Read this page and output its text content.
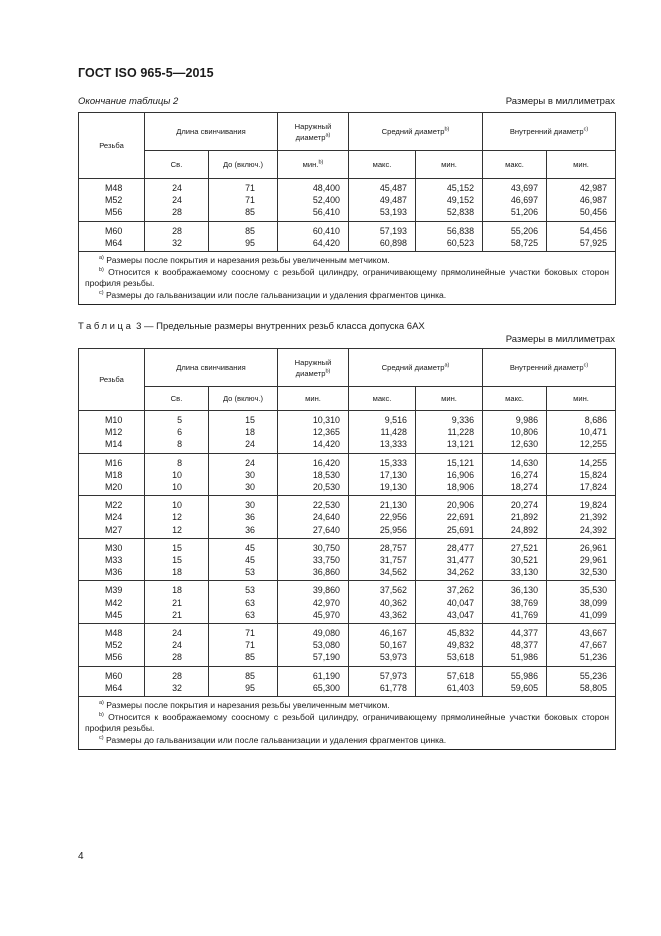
ГОСТ ISO 965-5—2015
Окончание таблицы 2	Размеры в миллиметрах
Резьба	Длина свинчивания		Наружный
диаметр$^{а)}$	Средний диаметр$^{b)}$		Внутренний диаметр$^{c)}$
	Св.	До (включ.)	мин.$^{b)}$	макс.	мин.	макс.	мин.
M48	24	71	48,400	45,487	45,152	43,697	42,987
M52	24	71	52,400	49,487	49,152	46,697	46,987
M56	28	85	56,410	53,193	52,838	51,206	50,456
M60	28	85	60,410	57,193	56,838	55,206	54,456
M64	32	95	64,420	60,898	60,523	58,725	57,925

$^{а)}$ Размеры после покрытия и нарезания резьбы увеличенным метчиком.
$^{b)}$ Относится к воображаемому соосному с резьбой цилиндру, ограничивающему прямолинейные участки боковых сторон профиля резьбы.
$^{c)}$ Размеры до гальванизации или после гальванизации и удаления фрагментов цинка.							
Таблица 3 — Предельные размеры внутренних резьб класса допуска 6АХ
Размеры в миллиметрах
Резьба	Длина свинчивания		Наружный
диаметр$^{b)}$	Средний диаметр$^{а)}$		Внутренний диаметр$^{c)}$
	Св.	До (включ.)	мин.	макс.	мин.	макс.	мин.
M10	5	15	10,310	9,516	9,336	9,986	8,686
M12	6	18	12,365	11,428	11,228	10,806	10,471
M14	8	24	14,420	13,333	13,121	12,630	12,255
M16	8	24	16,420	15,333	15,121	14,630	14,255
M18	10	30	18,530	17,130	16,906	16,274	15,824
M20	10	30	20,530	19,130	18,906	18,274	17,824
M22	10	30	22,530	21,130	20,906	20,274	19,824
M24	12	36	24,640	22,956	22,691	21,892	21,392
M27	12	36	27,640	25,956	25,691	24,892	24,392
M30	15	45	30,750	28,757	28,477	27,521	26,961
M33	15	45	33,750	31,757	31,477	30,521	29,961
M36	18	53	36,860	34,562	34,262	33,130	32,530
M39	18	53	39,860	37,562	37,262	36,130	35,530
M42	21	63	42,970	40,362	40,047	38,769	38,099
M45	21	63	45,970	43,362	43,047	41,769	41,099
M48	24	71	49,080	46,167	45,832	44,377	43,667
M52	24	71	53,080	50,167	49,832	48,377	47,667
M56	28	85	57,190	53,973	53,618	51,986	51,236
M60	28	85	61,190	57,973	57,618	55,986	55,236
M64	32	95	65,300	61,778	61,403	59,605	58,805

$^{а)}$ Размеры после покрытия и нарезания резьбы увеличенным метчиком.
$^{b)}$ Относится к воображаемому соосному с резьбой цилиндру, ограничивающему прямолинейные участки боковых сторон профиля резьбы.
$^{c)}$ Размеры до гальванизации или после гальванизации и удаления фрагментов цинка.							
4
